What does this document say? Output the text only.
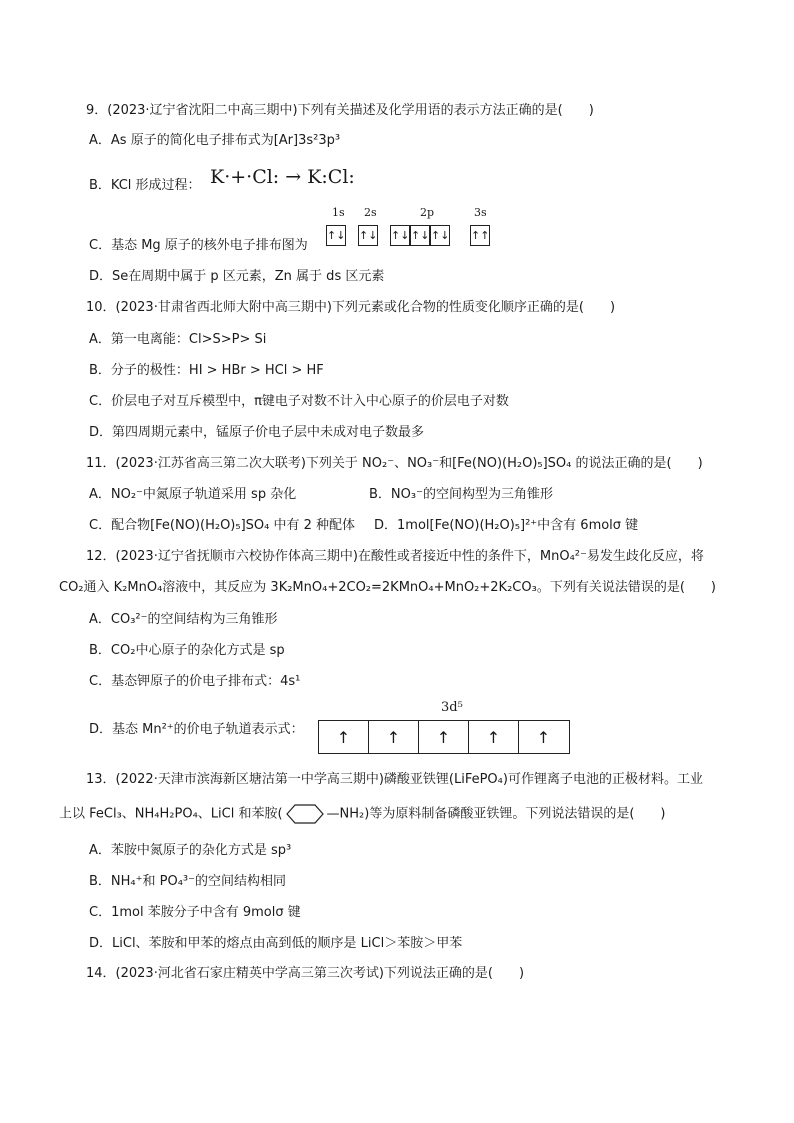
9．(2023·辽宁省沈阳二中高三期中)下列有关描述及化学用语的表示方法正确的是( )
A．As 原子的简化电子排布式为[Ar]3s²3p³
B．KCl 形成过程： K·+·Cl: → K:Cl:
C．基态 Mg 原子的核外电子排布图为
1s 2s	2p	3s
↑↓ ↑↓ ↑↓ ↑↓ ↑↓ ↑↑
D．Se在周期中属于 p 区元素，Zn 属于 ds 区元素
10．(2023·甘肃省西北师大附中高三期中)下列元素或化合物的性质变化顺序正确的是( )
A．第一电离能：Cl>S>P> Si
B．分子的极性：HI > HBr > HCl > HF
C．价层电子对互斥模型中，π键电子对数不计入中心原子的价层电子对数
D．第四周期元素中，锰原子价电子层中未成对电子数最多
11．(2023·江苏省高三第二次大联考)下列关于 NO₂⁻、NO₃⁻和[Fe(NO)(H₂O)₅]SO₄ 的说法正确的是( )
A．NO₂⁻中氮原子轨道采用 sp 杂化	B．NO₃⁻的空间构型为三角锥形
C．配合物[Fe(NO)(H₂O)₅]SO₄ 中有 2 种配体 D．1mol[Fe(NO)(H₂O)₅]²⁺中含有 6molσ 键
12．(2023·辽宁省抚顺市六校协作体高三期中)在酸性或者接近中性的条件下，MnO₄²⁻易发生歧化反应，将
CO₂通入 K₂MnO₄溶液中，其反应为 3K₂MnO₄+2CO₂=2KMnO₄+MnO₂+2K₂CO₃。下列有关说法错误的是( )
A．CO₃²⁻的空间结构为三角锥形
B．CO₂中心原子的杂化方式是 sp
C．基态钾原子的价电子排布式：4s¹
D．基态 Mn²⁺的价电子轨道表示式：
3d⁵
↑	↑	↑	↑	↑
13．(2022·天津市滨海新区塘沽第一中学高三期中)磷酸亚铁锂(LiFePO₄)可作锂离子电池的正极材料。工业
上以 FeCl₃、NH₄H₂PO₄、LiCl 和苯胺(	—NH₂)等为原料制备磷酸亚铁锂。下列说法错误的是( )
A．苯胺中氮原子的杂化方式是 sp³
B．NH₄⁺和 PO₄³⁻的空间结构相同
C．1mol 苯胺分子中含有 9molσ 键
D．LiCl、苯胺和甲苯的熔点由高到低的顺序是 LiCl＞苯胺＞甲苯
14．(2023·河北省石家庄精英中学高三第三次考试)下列说法正确的是( )
